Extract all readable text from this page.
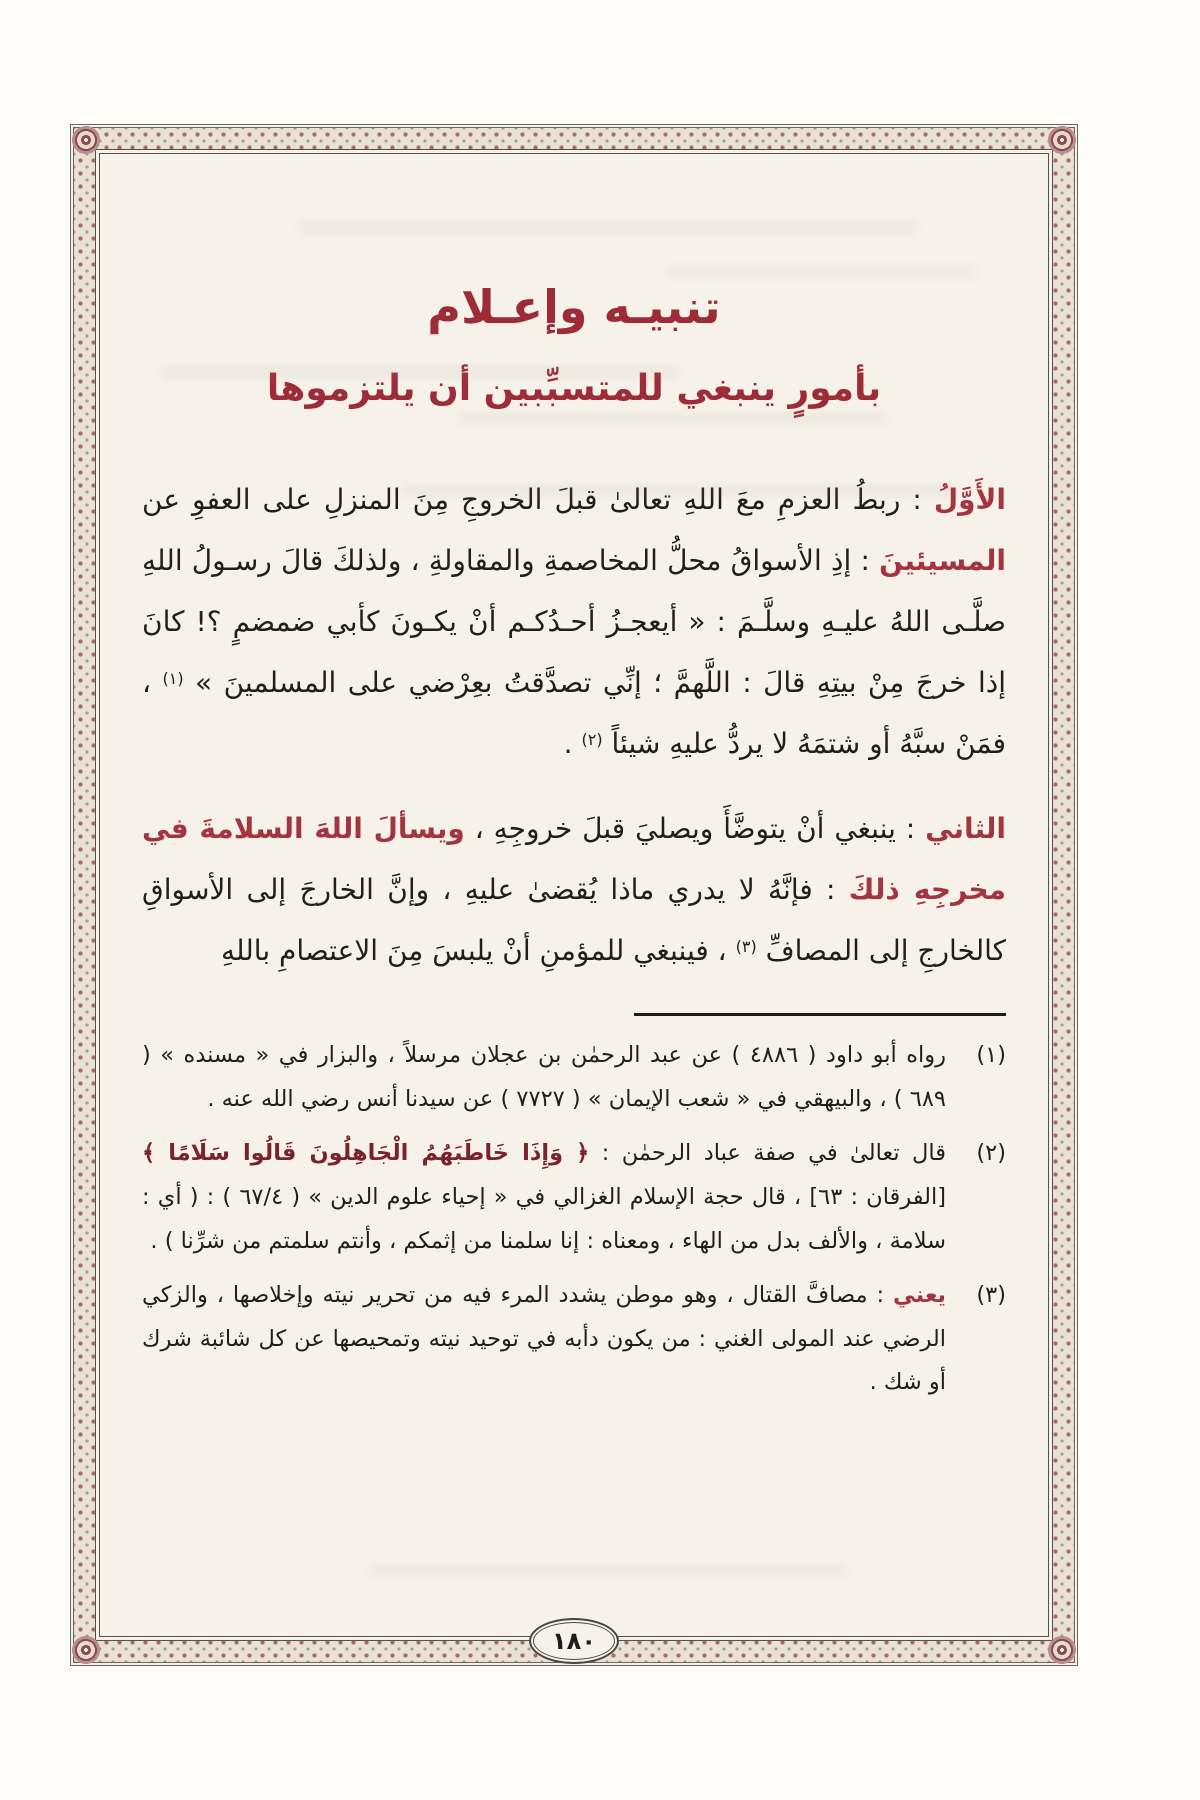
تنبيـه وإعـلام
بأمورٍ ينبغي للمتسبِّبين أن يلتزموها

الأَوَّلُ : ربطُ العزمِ معَ اللهِ تعالىٰ قبلَ الخروجِ مِنَ المنزلِ على العفوِ عن المسيئينَ : إذِ الأسواقُ محلُّ المخاصمةِ والمقاولةِ ، ولذلكَ قالَ رسـولُ اللهِ صلَّـى اللهُ عليـهِ وسلَّـمَ : « أيعجـزُ أحـدُكـم أنْ يكـونَ كأبي ضمضمٍ ؟! كانَ إذا خرجَ مِنْ بيتِهِ قالَ : اللَّهمَّ ؛ إنِّي تصدَّقتُ بعِرْضي على المسلمينَ » $^{(١)}$ ، فمَنْ سبَّهُ أو شتمَهُ لا يردُّ عليهِ شيئاً $^{(٢)}$ .

الثاني : ينبغي أنْ يتوضَّأَ ويصليَ قبلَ خروجِهِ ، ويسألَ اللهَ السلامةَ في مخرجِهِ ذلكَ : فإنَّهُ لا يدري ماذا يُقضىٰ عليهِ ، وإنَّ الخارجَ إلى الأسواقِ كالخارجِ إلى المصافِّ $^{(٣)}$ ، فينبغي للمؤمنِ أنْ يلبسَ مِنَ الاعتصامِ باللهِ

(١)
رواه أبو داود ( ٤٨٨٦ ) عن عبد الرحمٰن بن عجلان مرسلاً ، والبزار في « مسنده » ( ٦٨٩ ) ، والبيهقي في « شعب الإيمان » ( ٧٧٢٧ ) عن سيدنا أنس رضي الله عنه .
(٢)
قال تعالىٰ في صفة عباد الرحمٰن : ﴿ وَإِذَا خَاطَبَهُمُ الْجَاهِلُونَ قَالُوا سَلَامًا ﴾ [الفرقان : ٦٣] ، قال حجة الإسلام الغزالي في « إحياء علوم الدين » ( ٦٧/٤ ) : ( أي : سلامة ، والألف بدل من الهاء ، ومعناه : إنا سلمنا من إثمكم ، وأنتم سلمتم من شرِّنا ) .
(٣)
يعني : مصافَّ القتال ، وهو موطن يشدد المرء فيه من تحرير نيته وإخلاصها ، والزكي الرضي عند المولى الغني : من يكون دأبه في توحيد نيته وتمحيصها عن كل شائبة شرك أو شك .
١٨٠
